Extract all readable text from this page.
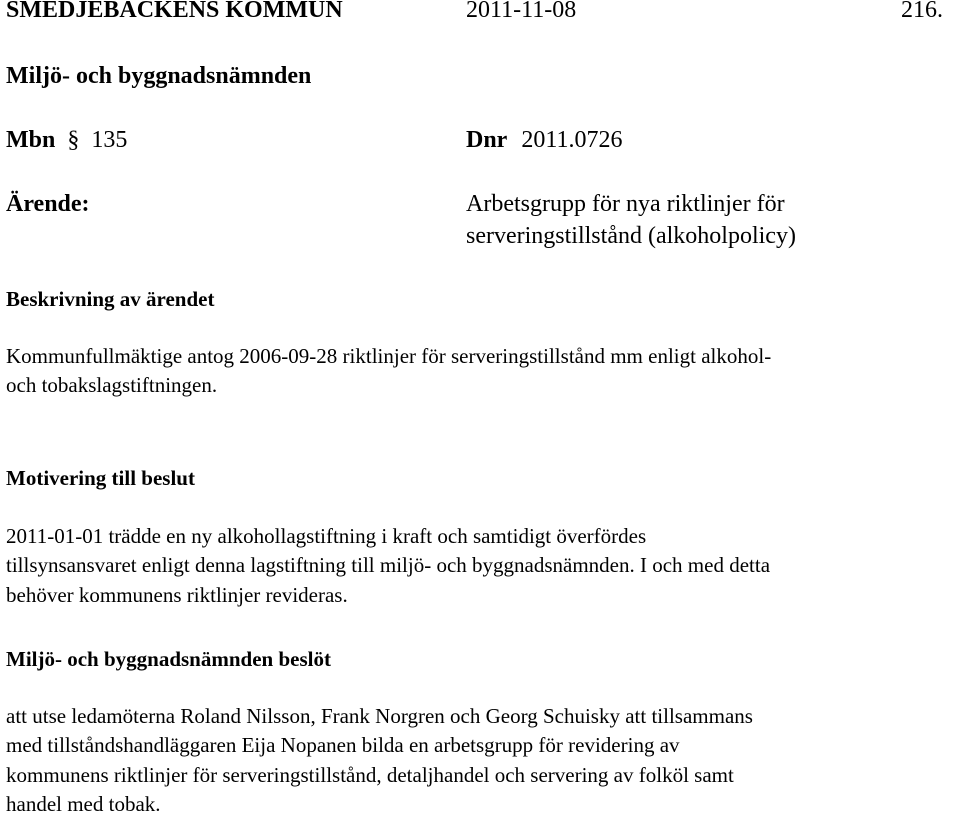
SMEDJEBACKENS KOMMUN	2011-11-08	216.
Miljö- och byggnadsnämnden
Mbn § 135	Dnr 2011.0726
Ärende:	Arbetsgrupp för nya riktlinjer för
serveringstillstånd (alkoholpolicy)
Beskrivning av ärendet
Kommunfullmäktige antog 2006-09-28 riktlinjer för serveringstillstånd mm enligt alkohol-
och tobakslagstiftningen.
Motivering till beslut
2011-01-01 trädde en ny alkohollagstiftning i kraft och samtidigt överfördes
tillsynsansvaret enligt denna lagstiftning till miljö- och byggnadsnämnden. I och med detta
behöver kommunens riktlinjer revideras.
Miljö- och byggnadsnämnden beslöt
att utse ledamöterna Roland Nilsson, Frank Norgren och Georg Schuisky att tillsammans
med tillståndshandläggaren Eija Nopanen bilda en arbetsgrupp för revidering av
kommunens riktlinjer för serveringstillstånd, detaljhandel och servering av folköl samt
handel med tobak.
